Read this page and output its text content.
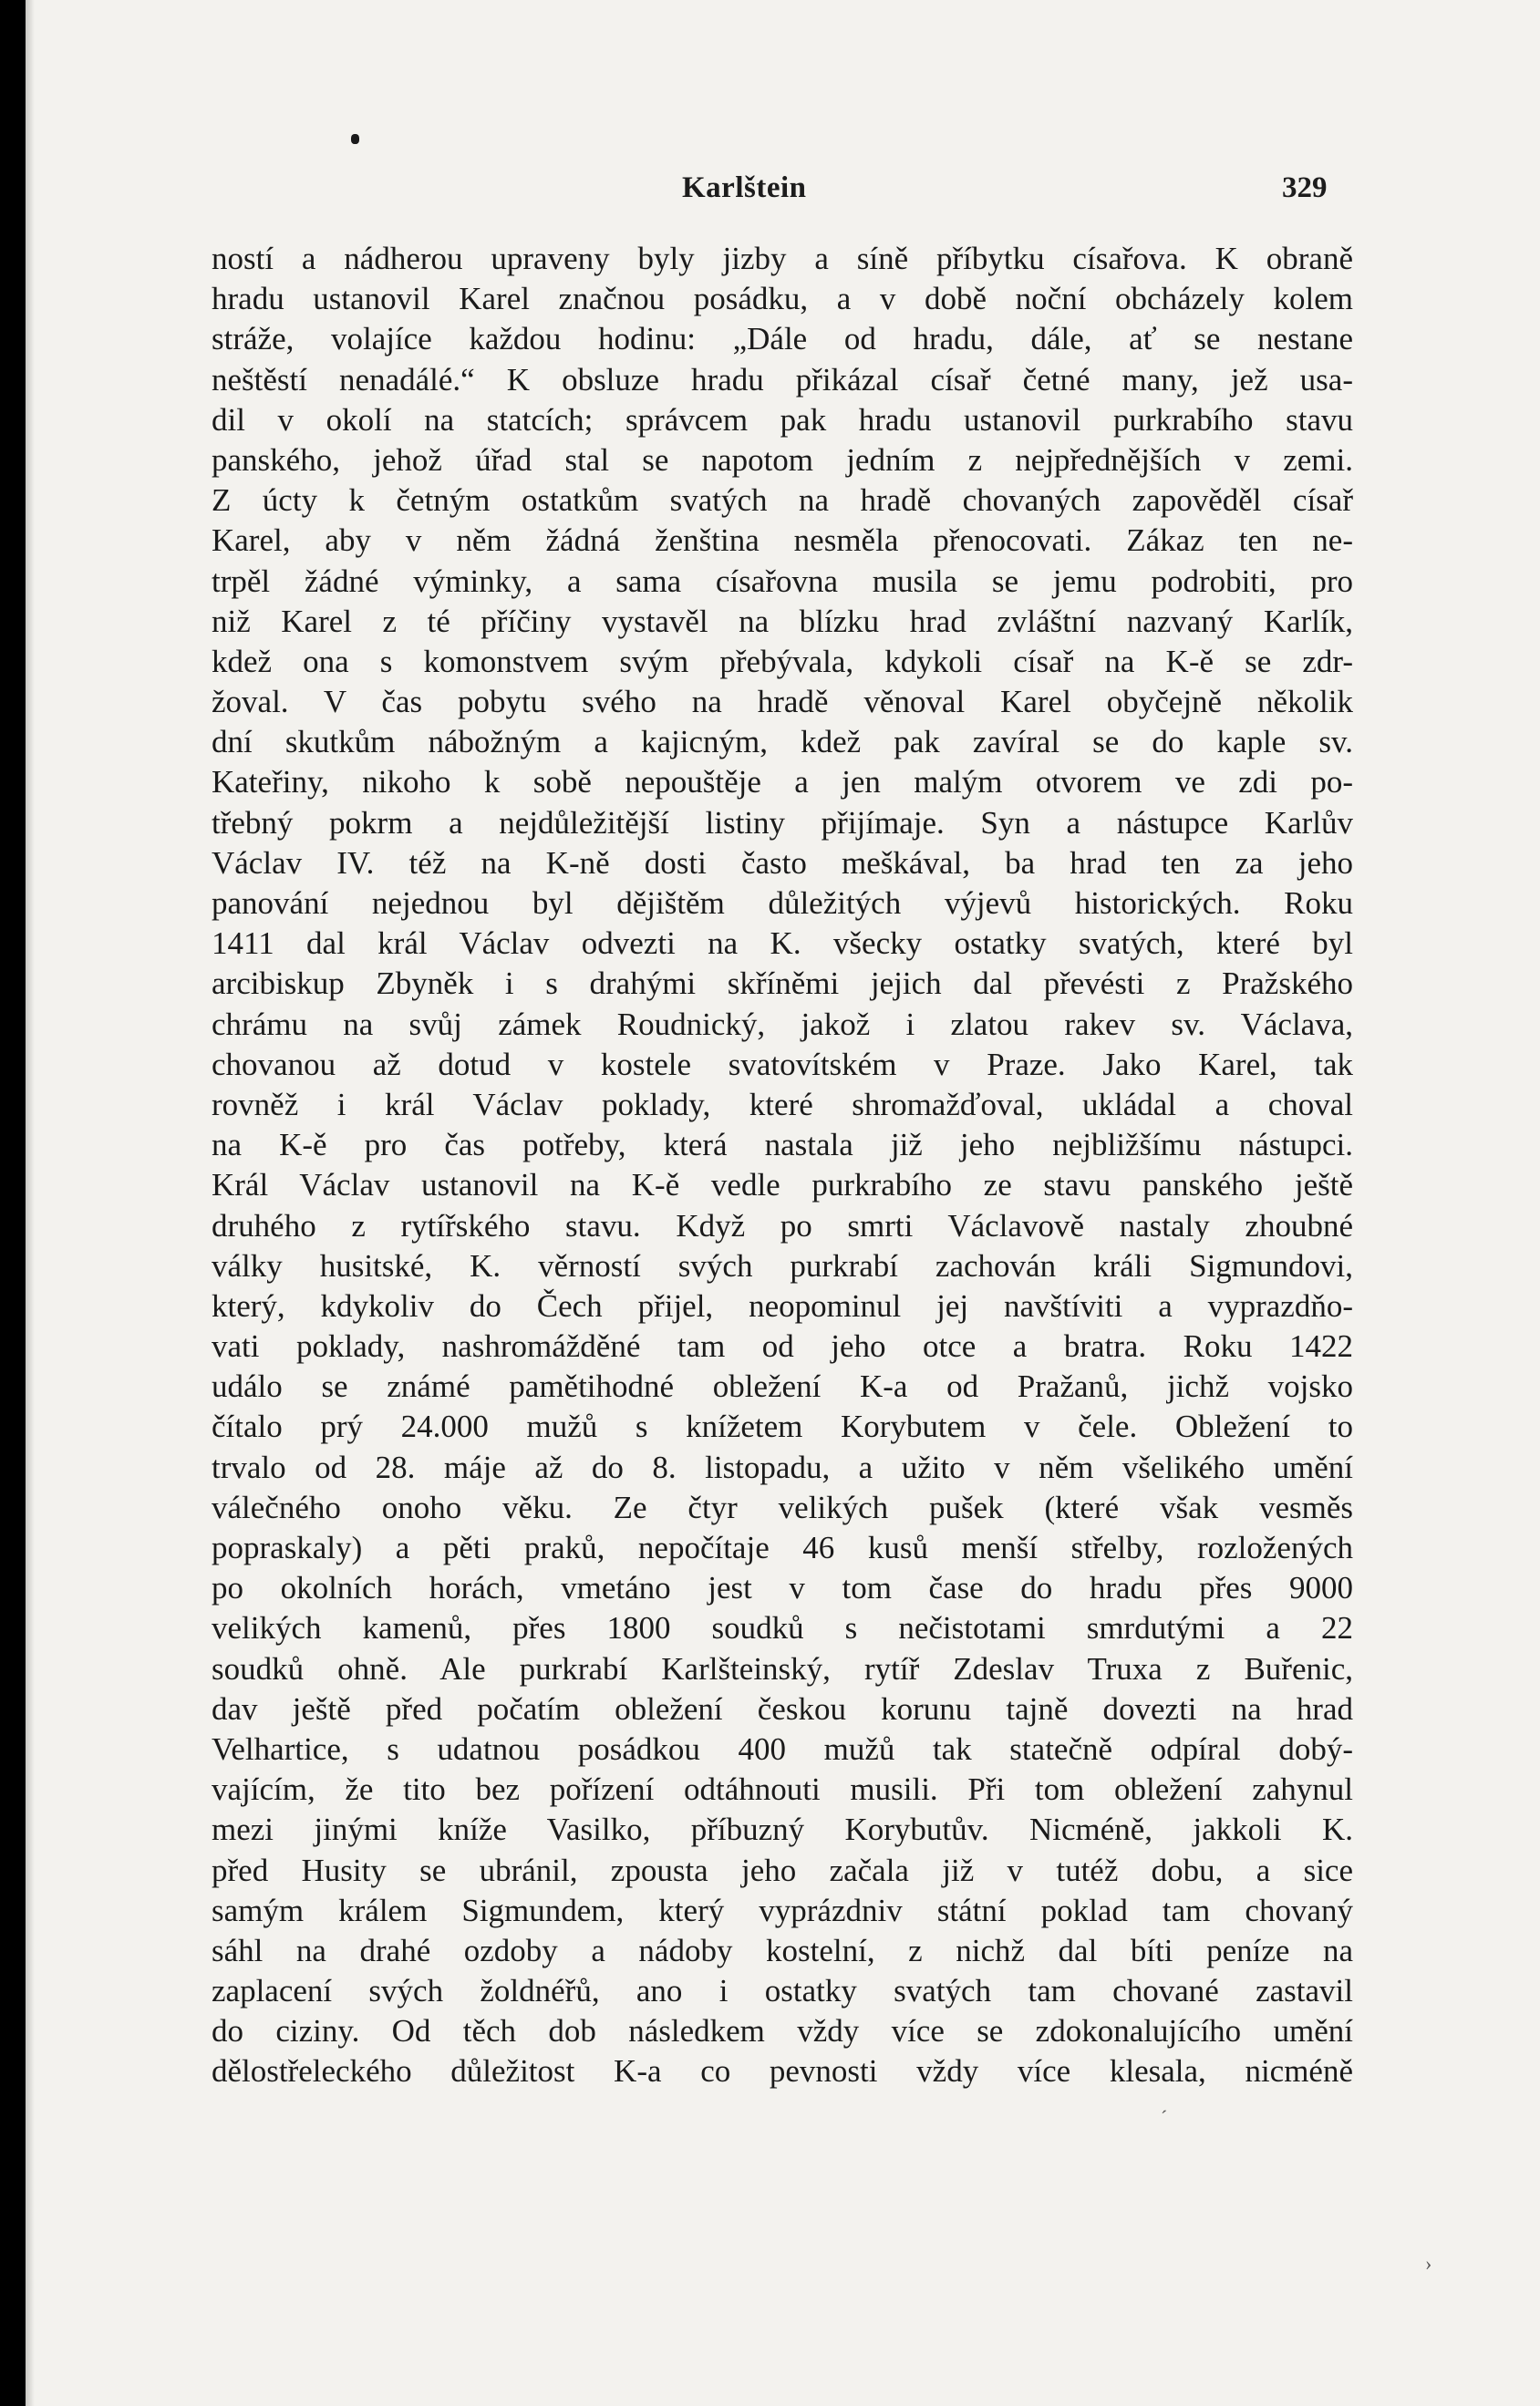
Karlštein	329
ností a nádherou upraveny byly jizby a síně příbytku císařova. K obraně
hradu ustanovil Karel značnou posádku, a v době noční obcházely kolem
stráže, volajíce každou hodinu: „Dále od hradu, dále, ať se nestane
neštěstí nenadálé.“ K obsluze hradu přikázal císař četné many, jež usa-
dil v okolí na statcích; správcem pak hradu ustanovil purkrabího stavu
panského, jehož úřad stal se napotom jedním z nejpřednějších v zemi.
Z úcty k četným ostatkům svatých na hradě chovaných zapověděl císař
Karel, aby v něm žádná ženština nesměla přenocovati. Zákaz ten ne-
trpěl žádné výminky, a sama císařovna musila se jemu podrobiti, pro
niž Karel z té příčiny vystavěl na blízku hrad zvláštní nazvaný Karlík,
kdež ona s komonstvem svým přebývala, kdykoli císař na K-ě se zdr-
žoval. V čas pobytu svého na hradě věnoval Karel obyčejně několik
dní skutkům nábožným a kajicným, kdež pak zavíral se do kaple sv.
Kateřiny, nikoho k sobě nepouštěje a jen malým otvorem ve zdi po-
třebný pokrm a nejdůležitější listiny přijímaje. Syn a nástupce Karlův
Václav IV. též na K-ně dosti často meškával, ba hrad ten za jeho
panování nejednou byl dějištěm důležitých výjevů historických. Roku
1411 dal král Václav odvezti na K. všecky ostatky svatých, které byl
arcibiskup Zbyněk i s drahými skříněmi jejich dal převésti z Pražského
chrámu na svůj zámek Roudnický, jakož i zlatou rakev sv. Václava,
chovanou až dotud v kostele svatovítském v Praze. Jako Karel, tak
rovněž i král Václav poklady, které shromažďoval, ukládal a choval
na K-ě pro čas potřeby, která nastala již jeho nejbližšímu nástupci.
Král Václav ustanovil na K-ě vedle purkrabího ze stavu panského ještě
druhého z rytířského stavu. Když po smrti Václavově nastaly zhoubné
války husitské, K. věrností svých purkrabí zachován králi Sigmundovi,
který, kdykoliv do Čech přijel, neopominul jej navštíviti a vyprazdňo-
vati poklady, nashromážděné tam od jeho otce a bratra. Roku 1422
událo se známé pamětihodné obležení K-a od Pražanů, jichž vojsko
čítalo prý 24.000 mužů s knížetem Korybutem v čele. Obležení to
trvalo od 28. máje až do 8. listopadu, a užito v něm všelikého umění
válečného onoho věku. Ze čtyr velikých pušek (které však vesměs
popraskaly) a pěti praků, nepočítaje 46 kusů menší střelby, rozložených
po okolních horách, vmetáno jest v tom čase do hradu přes 9000
velikých kamenů, přes 1800 soudků s nečistotami smrdutými a 22
soudků ohně. Ale purkrabí Karlšteinský, rytíř Zdeslav Truxa z Buřenic,
dav ještě před počatím obležení českou korunu tajně dovezti na hrad
Velhartice, s udatnou posádkou 400 mužů tak statečně odpíral dobý-
vajícím, že tito bez pořízení odtáhnouti musili. Při tom obležení zahynul
mezi jinými kníže Vasilko, příbuzný Korybutův. Nicméně, jakkoli K.
před Husity se ubránil, zpousta jeho začala již v tutéž dobu, a sice
samým králem Sigmundem, který vyprázdniv státní poklad tam chovaný
sáhl na drahé ozdoby a nádoby kostelní, z nichž dal bíti peníze na
zaplacení svých žoldnéřů, ano i ostatky svatých tam chované zastavil
do ciziny. Od těch dob následkem vždy více se zdokonalujícího umění
dělostřeleckého důležitost K-a co pevnosti vždy více klesala, nicméně
´
›
